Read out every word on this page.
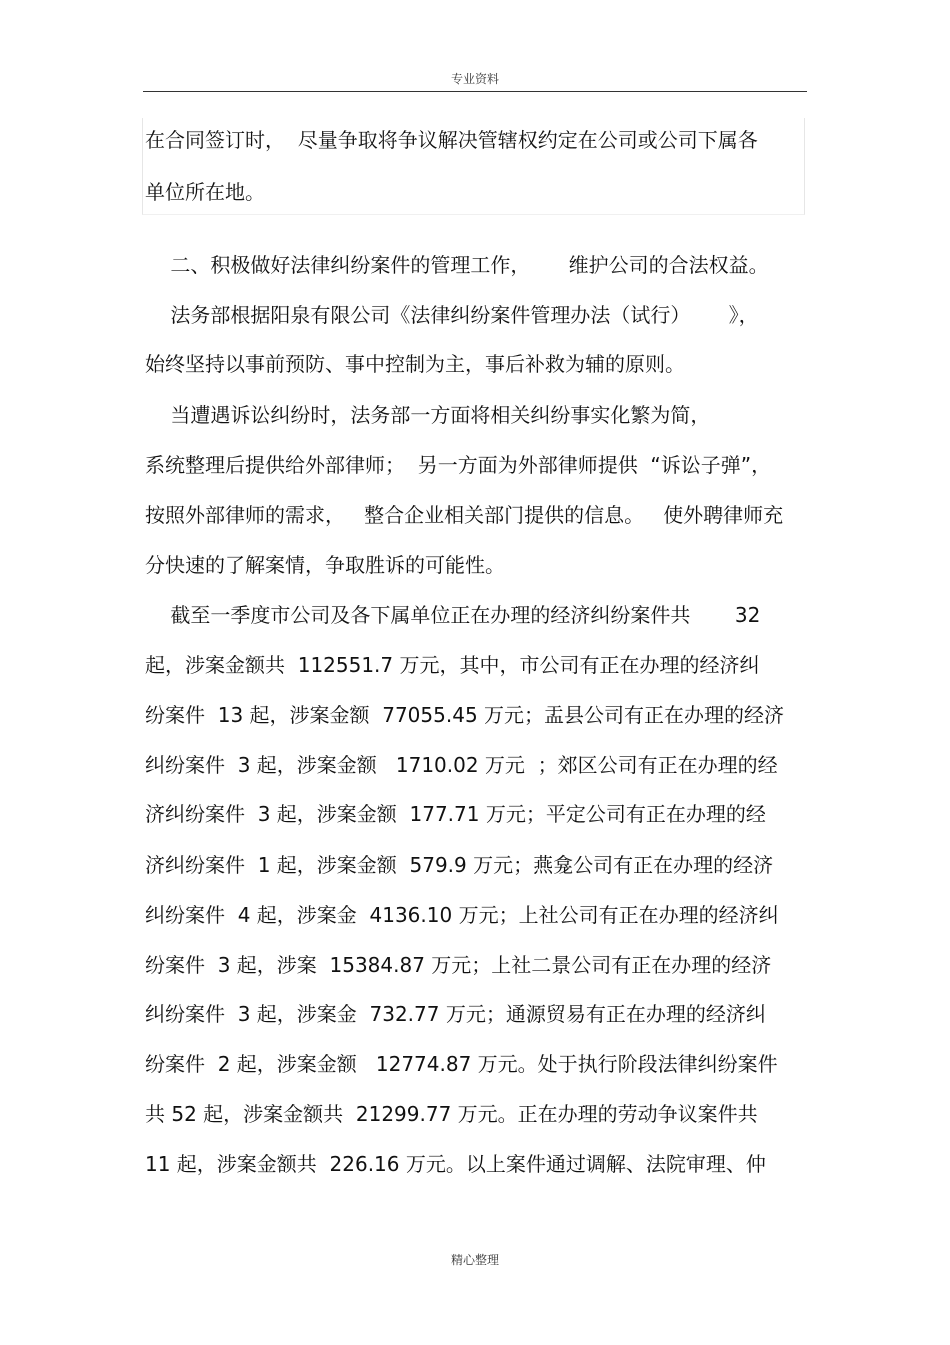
专业资料
在合同签订时，  尽量争取将争议解决管辖权约定在公司或公司下属各
单位所在地。
二、积极做好法律纠纷案件的管理工作，      维护公司的合法权益。
法务部根据阳泉有限公司《法律纠纷案件管理办法（试行）      》，
始终坚持以事前预防、事中控制为主，事后补救为辅的原则。
当遭遇诉讼纠纷时，法务部一方面将相关纠纷事实化繁为简，
系统整理后提供给外部律师；  另一方面为外部律师提供  “诉讼子弹”，
按照外部律师的需求，   整合企业相关部门提供的信息。   使外聘律师充
分快速的了解案情，争取胜诉的可能性。
截至一季度市公司及各下属单位正在办理的经济纠纷案件共       32
起，涉案金额共  112551.7 万元，其中，市公司有正在办理的经济纠
纷案件  13 起，涉案金额  77055.45 万元；盂县公司有正在办理的经济
纠纷案件  3 起，涉案金额   1710.02 万元  ；郊区公司有正在办理的经
济纠纷案件  3 起，涉案金额  177.71 万元；平定公司有正在办理的经
济纠纷案件  1 起，涉案金额  579.9 万元；燕龛公司有正在办理的经济
纠纷案件  4 起，涉案金  4136.10 万元；上社公司有正在办理的经济纠
纷案件  3 起，涉案  15384.87 万元；上社二景公司有正在办理的经济
纠纷案件  3 起，涉案金  732.77 万元；通源贸易有正在办理的经济纠
纷案件  2 起，涉案金额   12774.87 万元。处于执行阶段法律纠纷案件
共 52 起，涉案金额共  21299.77 万元。正在办理的劳动争议案件共
11 起，涉案金额共  226.16 万元。以上案件通过调解、法院审理、仲
精心整理
